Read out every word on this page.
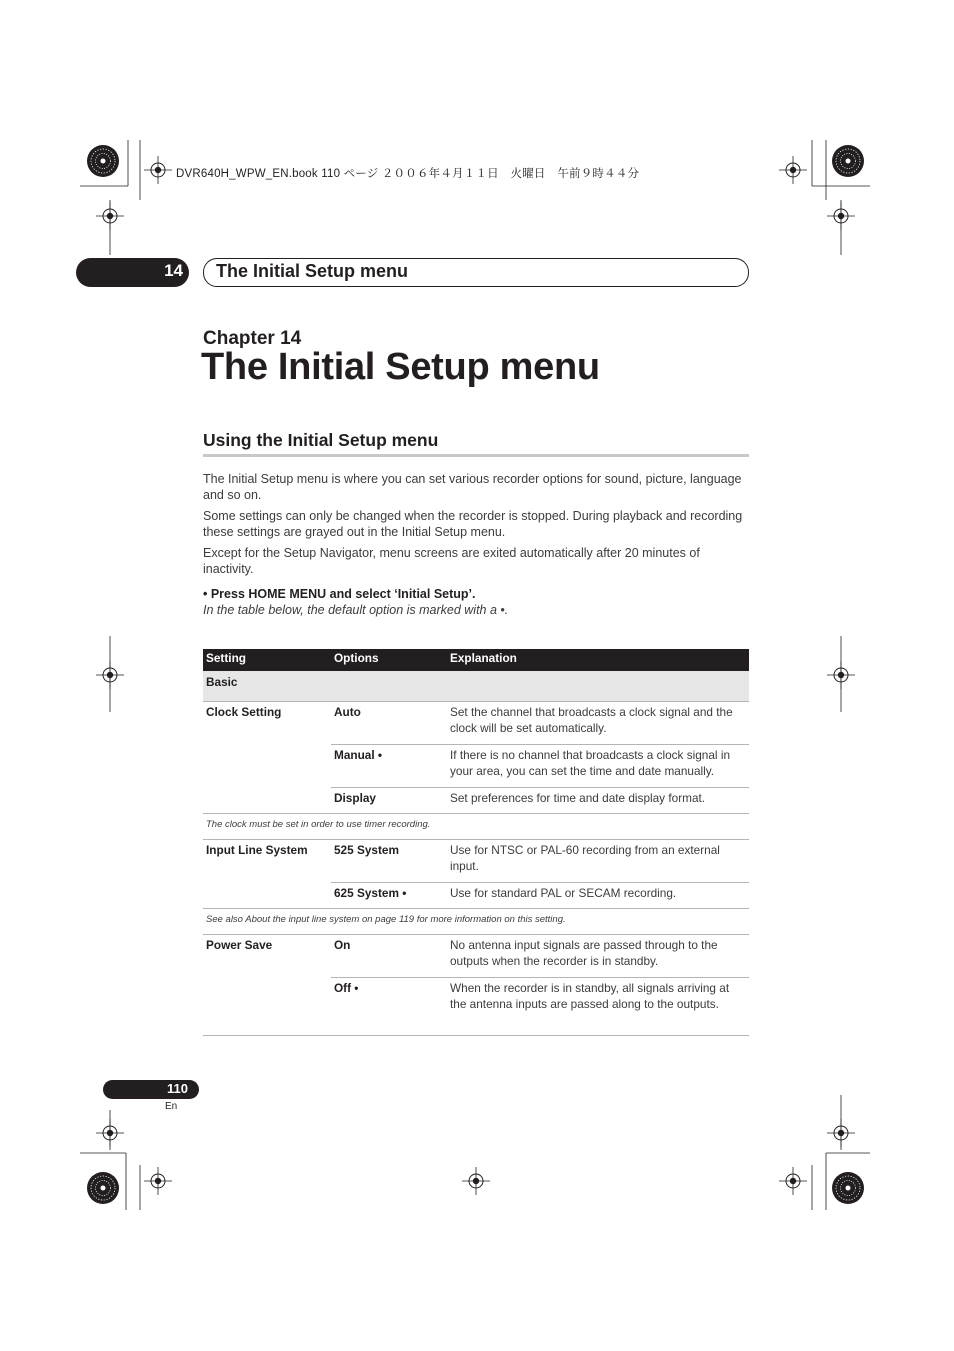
DVR640H_WPW_EN.book 110 ページ ２００６年４月１１日　火曜日　午前９時４４分
14 The Initial Setup menu
Chapter 14
The Initial Setup menu
Using the Initial Setup menu
The Initial Setup menu is where you can set various recorder options for sound, picture, language and so on.
Some settings can only be changed when the recorder is stopped. During playback and recording these settings are grayed out in the Initial Setup menu.
Except for the Setup Navigator, menu screens are exited automatically after 20 minutes of inactivity.
• Press HOME MENU and select ‘Initial Setup’.
In the table below, the default option is marked with a •.
Setting	Options	Explanation
Basic		
Clock Setting	Auto	Set the channel that broadcasts a clock signal and the clock will be set automatically.
	Manual •	If there is no channel that broadcasts a clock signal in your area, you can set the time and date manually.
	Display	Set preferences for time and date display format.
The clock must be set in order to use timer recording.		
Input Line System	525 System	Use for NTSC or PAL-60 recording from an external input.
	625 System •	Use for standard PAL or SECAM recording.
See also About the input line system on page 119 for more information on this setting.		
Power Save	On	No antenna input signals are passed through to the outputs when the recorder is in standby.
	Off •	When the recorder is in standby, all signals arriving at the antenna inputs are passed along to the outputs.
110
En
